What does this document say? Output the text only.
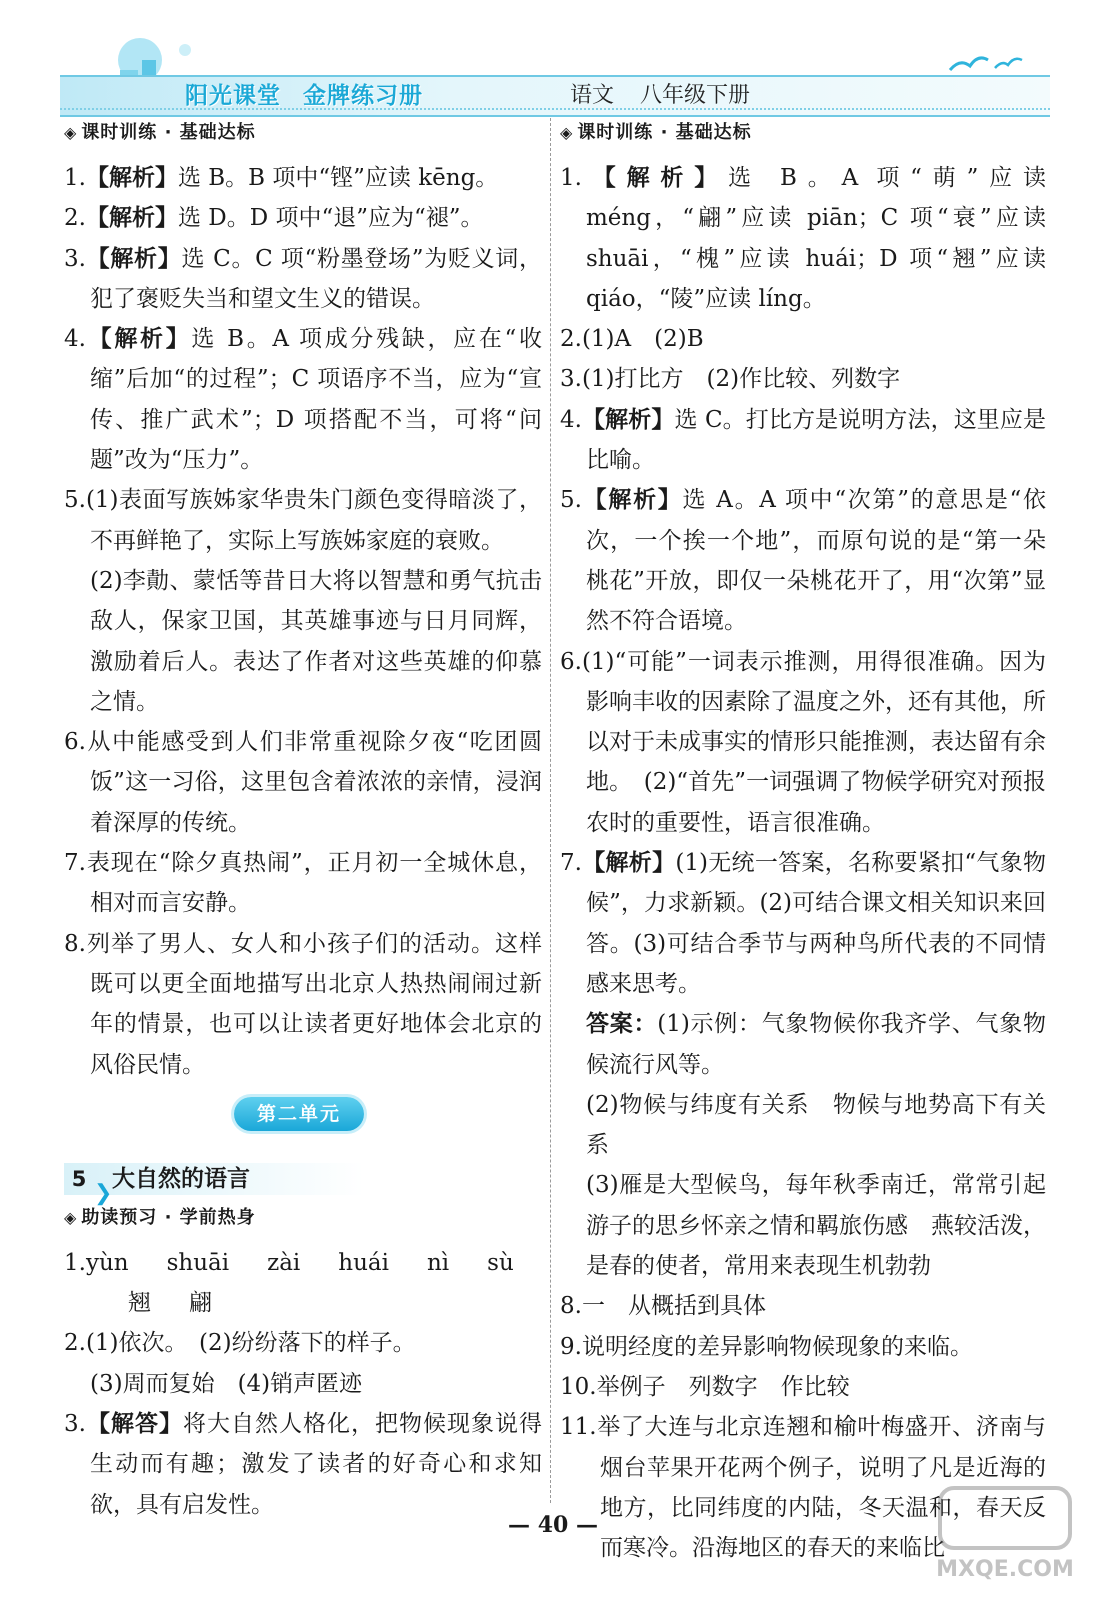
阳光课堂 金牌练习册	语文 八年级下册
◈ 课时训练 · 基础达标
1.【解析】选 B。B 项中“铿”应读 kēng。
2.【解析】选 D。D 项中“退”应为“褪”。
3.【解析】选 C。C 项“粉墨登场”为贬义词，犯了褒贬失当和望文生义的错误。
4.【解析】选 B。A 项成分残缺，应在“收缩”后加“的过程”；C 项语序不当，应为“宣传、推广武术”；D 项搭配不当，可将“问题”改为“压力”。
5.(1)表面写族姊家华贵朱门颜色变得暗淡了，不再鲜艳了，实际上写族姊家庭的衰败。
(2)李勣、蒙恬等昔日大将以智慧和勇气抗击敌人，保家卫国，其英雄事迹与日月同辉，激励着后人。表达了作者对这些英雄的仰慕之情。
6.从中能感受到人们非常重视除夕夜“吃团圆饭”这一习俗，这里包含着浓浓的亲情，浸润着深厚的传统。
7.表现在“除夕真热闹”，正月初一全城休息，相对而言安静。
8.列举了男人、女人和小孩子们的活动。这样既可以更全面地描写出北京人热热闹闹过新年的情景，也可以让读者更好地体会北京的风俗民情。
第二单元
5❯大自然的语言
◈ 助读预习 · 学前热身
1.yùn shuāi zài huái nì sù翘 翩
2.(1)依次。　(2)纷纷落下的样子。
(3)周而复始　(4)销声匿迹
3.【解答】将大自然人格化，把物候现象说得生动而有趣；激发了读者的好奇心和求知欲，具有启发性。
◈ 课时训练 · 基础达标
1.【解析】选 B。A 项“萌”应读 méng，“翩”应读 piān；C 项“衰”应读 shuāi，“槐”应读 huái；D 项“翘”应读 qiáo，“陵”应读 líng。
2.(1)A　(2)B
3.(1)打比方　(2)作比较、列数字
4.【解析】选 C。打比方是说明方法，这里应是比喻。
5.【解析】选 A。A 项中“次第”的意思是“依次，一个挨一个地”，而原句说的是“第一朵桃花”开放，即仅一朵桃花开了，用“次第”显然不符合语境。
6.(1)“可能”一词表示推测，用得很准确。因为影响丰收的因素除了温度之外，还有其他，所以对于未成事实的情形只能推测，表达留有余地。　(2)“首先”一词强调了物候学研究对预报农时的重要性，语言很准确。
7.【解析】(1)无统一答案，名称要紧扣“气象物候”，力求新颖。(2)可结合课文相关知识来回答。(3)可结合季节与两种鸟所代表的不同情感来思考。
答案：(1)示例：气象物候你我齐学、气象物候流行风等。
(2)物候与纬度有关系　物候与地势高下有关系
(3)雁是大型候鸟，每年秋季南迁，常常引起游子的思乡怀亲之情和羁旅伤感　燕较活泼，是春的使者，常用来表现生机勃勃
8.一　从概括到具体
9.说明经度的差异影响物候现象的来临。
10.举例子　列数字　作比较
11.举了大连与北京连翘和榆叶梅盛开、济南与烟台苹果开花两个例子，说明了凡是近海的地方，比同纬度的内陆，冬天温和，春天反而寒冷。沿海地区的春天的来临比
— 40 —
MXQE.COM
